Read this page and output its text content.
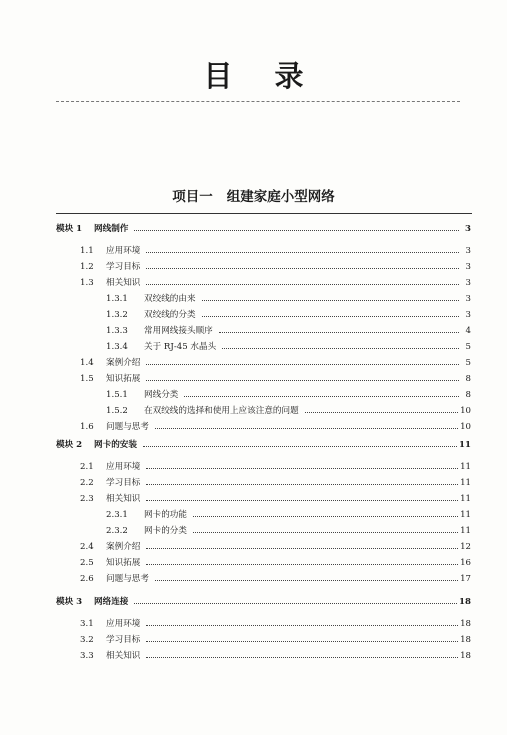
目录
项目一 组建家庭小型网络
模块 1	网线制作	3
1.1	应用环境	3
1.2	学习目标	3
1.3	相关知识	3
1.3.1	双绞线的由来	3
1.3.2	双绞线的分类	3
1.3.3	常用网线接头顺序	4
1.3.4	关于 RJ-45 水晶头	5
1.4	案例介绍	5
1.5	知识拓展	8
1.5.1	网线分类	8
1.5.2	在双绞线的选择和使用上应该注意的问题	10
1.6	问题与思考	10
模块 2	网卡的安装	11
2.1	应用环境	11
2.2	学习目标	11
2.3	相关知识	11
2.3.1	网卡的功能	11
2.3.2	网卡的分类	11
2.4	案例介绍	12
2.5	知识拓展	16
2.6	问题与思考	17
模块 3	网络连接	18
3.1	应用环境	18
3.2	学习目标	18
3.3	相关知识	18
